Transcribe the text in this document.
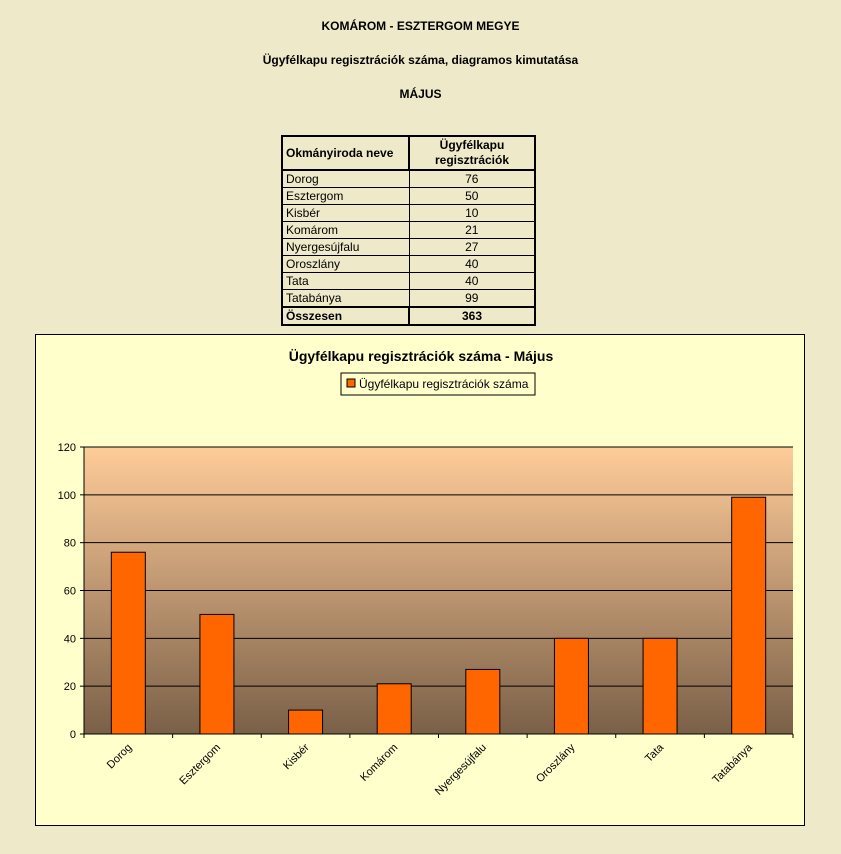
KOMÁROM - ESZTERGOM MEGYE
Ügyfélkapu regisztrációk száma, diagramos kimutatása
MÁJUS
Okmányiroda neve	Ügyfélkapu
regisztrációk
Dorog	76
Esztergom	50
Kisbér	10
Komárom	21
Nyergesújfalu	27
Oroszlány	40
Tata	40
Tatabánya	99
Összesen	363
Ügyfélkapu regisztrációk száma - Május
Ügyfélkapu regisztrációk száma
0
20
40
60
80
100
120
Dorog	Esztergom	Kisbér	Komárom	Nyergesújfalu	Oroszlány	Tata	Tatabánya
